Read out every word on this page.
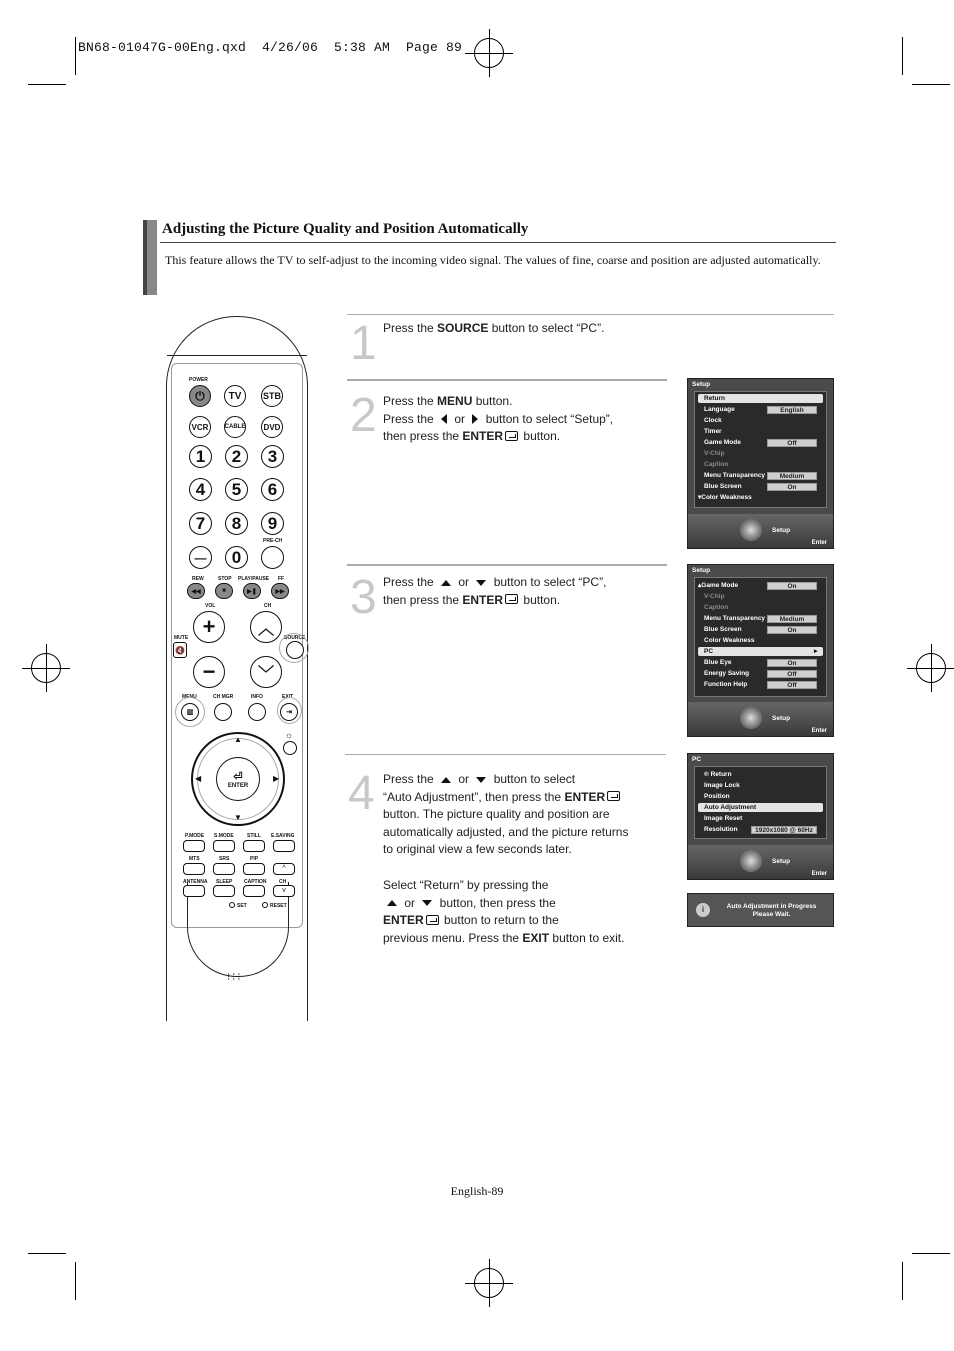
BN68-01047G-00Eng.qxd  4/26/06  5:38 AM  Page 89
Adjusting the Picture Quality and Position Automatically
This feature allows the TV to self-adjust to the incoming video signal. The values of fine, coarse and position are adjusted automatically.
1 Press the SOURCE button to select “PC”.
2 Press the MENU button.
Press the  or  button to select “Setup”,
then press the ENTER button.
3 Press the  or  button to select “PC”,
then press the ENTER button.
4 Press the  or  button to select
“Auto Adjustment”, then press the ENTER
button. The picture quality and position are
automatically adjusted, and the picture returns
to original view a few seconds later.
Select “Return” by pressing the
or  button, then press the
ENTER button to return to the
previous menu. Press the EXIT button to exit.
Setup
Return
Language	English
Clock
Timer
Game Mode	Off
V-Chip
Caption
Menu Transparency	Medium
Blue Screen	On
▾Color Weakness
Setup
Enter
Setup
▴Game Mode	On
V-Chip
Caption
Menu Transparency	Medium
Blue Screen	On
Color Weakness
PC	►
Blue Eye	On
Energy Saving	Off
Function Help	Off
Setup
Enter
PC
® Return
Image Lock
Position
Auto Adjustment
Image Reset
Resolution	1920x1080 @ 60Hz
Setup
Enter
i	Auto Adjustment in Progress
Please Wait.
⁝⁝⁝
POWER
⏻	TV	STB
VCR	CABLE	DVD
1	2	3
4	5	6
7	8	9
—	0
PRE-CH
REW	STOP PLAY/PAUSE FF
◀◀	■	▶❚	▶▶
VOL	CH
+	︿
MUTE
🔇
SOURCE
−	﹀
MENU	CH MGR	INFO	EXIT
▥	⇥
☼
▲
▼
◀	▶
⏎
ENTER
P.MODE S.MODE	STILL E.SAVING
MTS	SRS	PIP
^
ANTENNA SLEEP CAPTION	CH
v
SET	RESET
English-89
